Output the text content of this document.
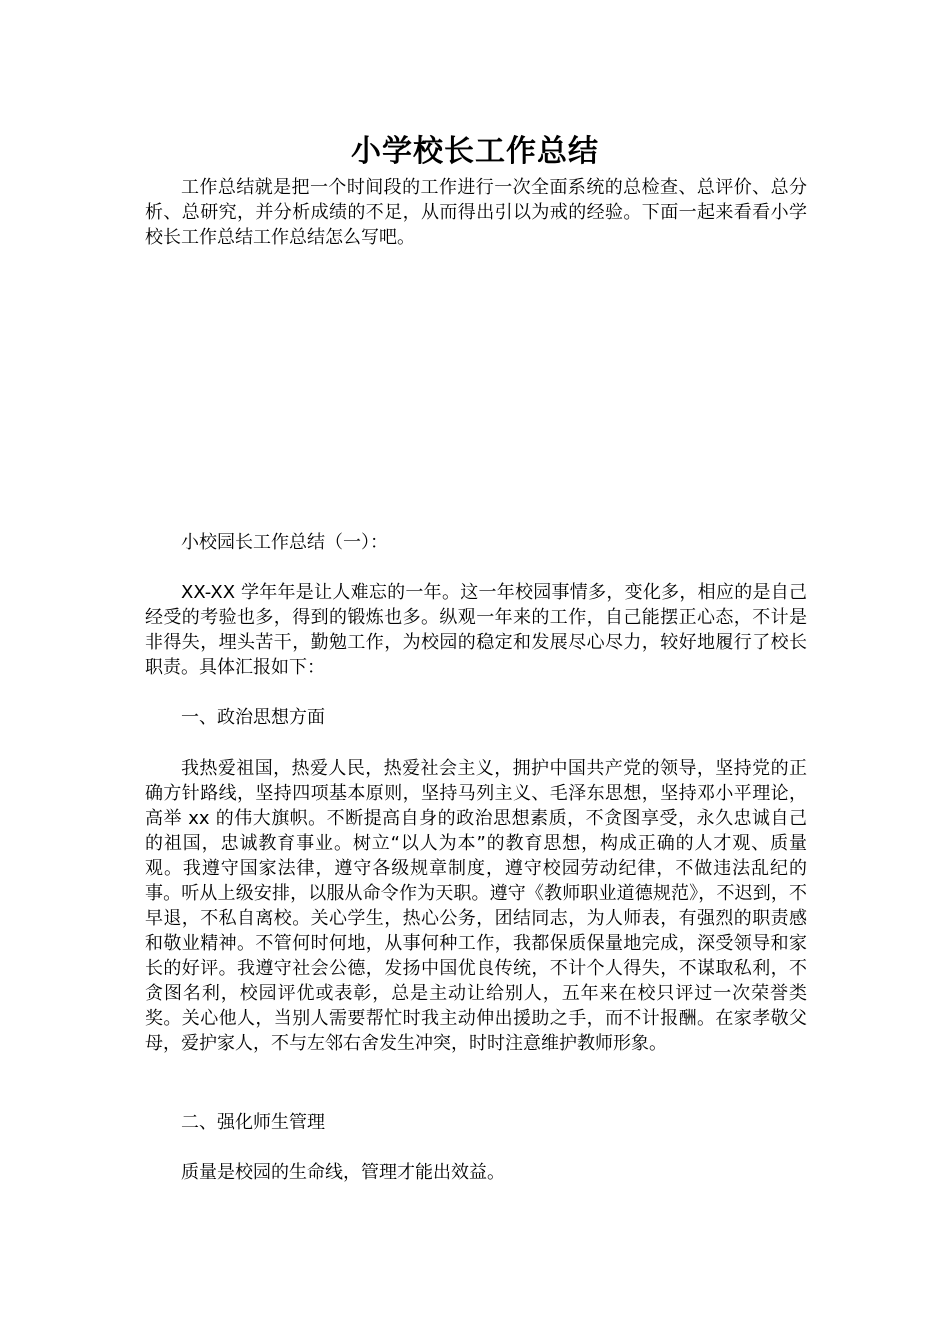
小学校长工作总结

工作总结就是把一个时间段的工作进行一次全面系统的总检查、总评价、总分析、总研究，并分析成绩的不足，从而得出引以为戒的经验。下面一起来看看小学校长工作总结工作总结怎么写吧。

小校园长工作总结（一）：

XX-XX 学年年是让人难忘的一年。这一年校园事情多，变化多，相应的是自己经受的考验也多，得到的锻炼也多。纵观一年来的工作，自己能摆正心态，不计是非得失，埋头苦干，勤勉工作，为校园的稳定和发展尽心尽力，较好地履行了校长职责。具体汇报如下：

一、政治思想方面

我热爱祖国，热爱人民，热爱社会主义，拥护中国共产党的领导，坚持党的正确方针路线，坚持四项基本原则，坚持马列主义、毛泽东思想，坚持邓小平理论，高举 xx 的伟大旗帜。不断提高自身的政治思想素质，不贪图享受，永久忠诚自己的祖国，忠诚教育事业。树立“以人为本”的教育思想，构成正确的人才观、质量观。我遵守国家法律，遵守各级规章制度，遵守校园劳动纪律，不做违法乱纪的事。听从上级安排，以服从命令作为天职。遵守《教师职业道德规范》，不迟到，不早退，不私自离校。关心学生，热心公务，团结同志，为人师表，有强烈的职责感和敬业精神。不管何时何地，从事何种工作，我都保质保量地完成，深受领导和家长的好评。我遵守社会公德，发扬中国优良传统，不计个人得失，不谋取私利，不贪图名利，校园评优或表彰，总是主动让给别人，五年来在校只评过一次荣誉类奖。关心他人，当别人需要帮忙时我主动伸出援助之手，而不计报酬。在家孝敬父母，爱护家人，不与左邻右舍发生冲突，时时注意维护教师形象。

二、强化师生管理

质量是校园的生命线，管理才能出效益。
